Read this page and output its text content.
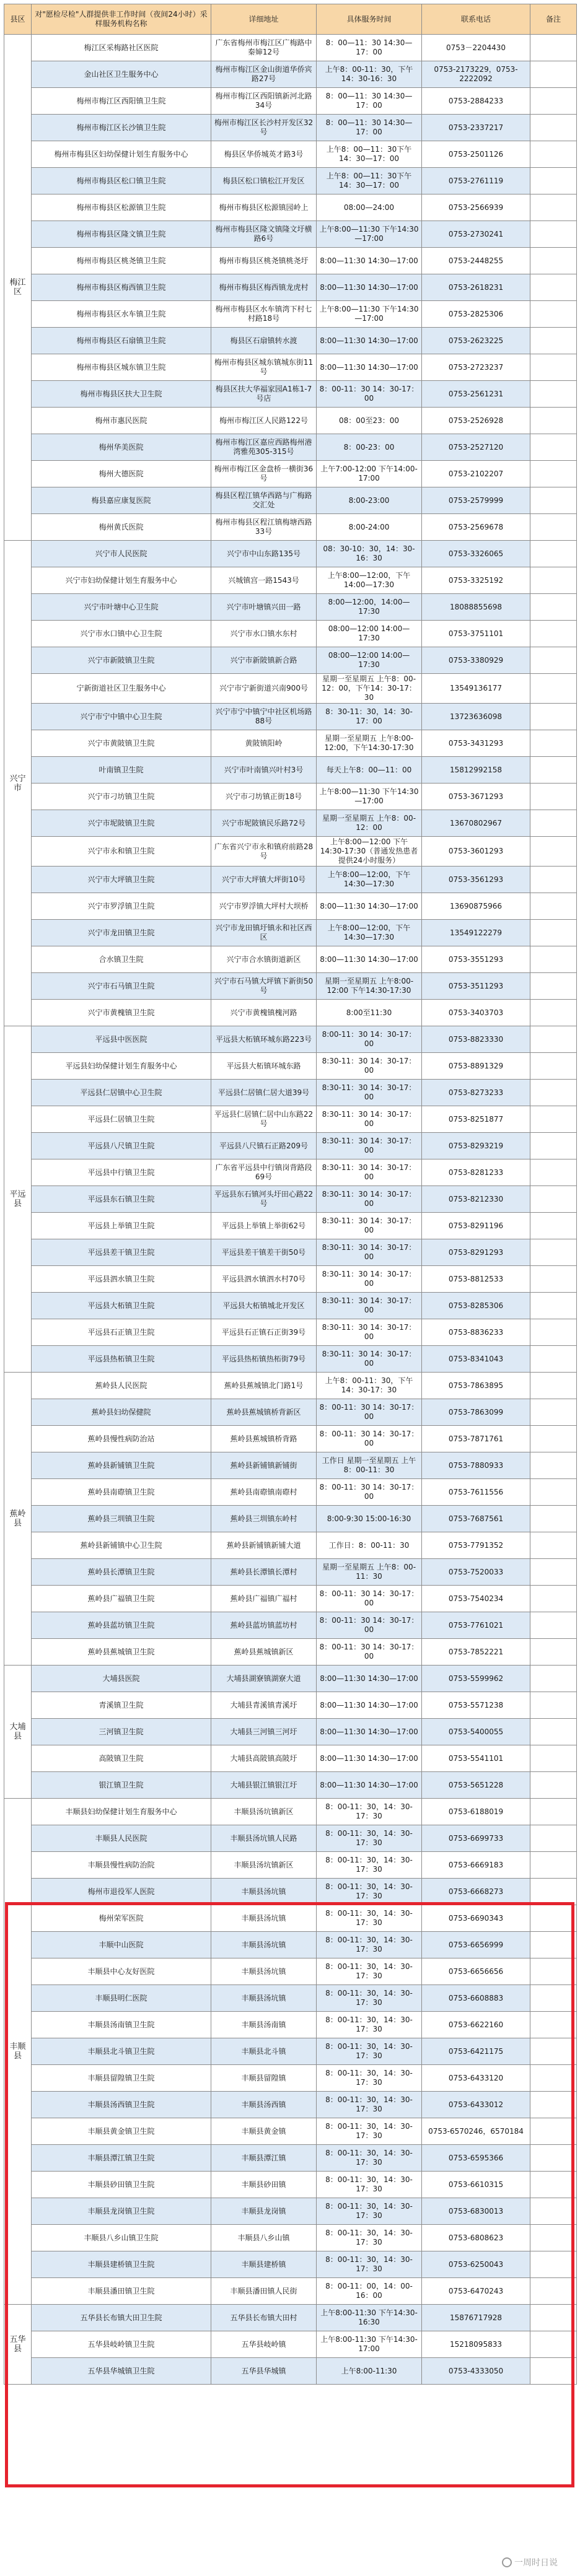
县区	对"愿检尽检"人群提供非工作时间（夜间24小时）采样服务机构名称	详细地址	具体服务时间	联系电话	备注
梅江区	梅江区采梅路社区医院	广东省梅州市梅江区广梅路中秦婶12号	8：00—11：30 14:30—17：00	0753－2204430	
	金山社区卫生服务中心	梅州市梅江区金山街道华侨宾路27号	上午8：00-11：30，下午14：30-16：30	0753-2173229，0753-2222092	
	梅州市梅江区西阳镇卫生院	梅州市梅江区西阳镇新河北路34号	8：00—11：30 14:30—17：00	0753-2884233	
	梅州市梅江区长沙镇卫生院	梅州市梅江区长沙村开发区32号	8：00—11：30 14:30—17：00	0753-2337217	
	梅州市梅县区妇幼保健计划生育服务中心	梅县区华侨城英才路3号	上午8：00—11：30下午14：30—17：00	0753-2501126	
	梅州市梅县区松口镇卫生院	梅县区松口镇松江开发区	上午8：00—11：30下午14：30—17：00	0753-2761119	
	梅州市梅县区松源镇卫生院	梅州市梅县区松源镇园岭上	08:00—24:00	0753-2566939	
	梅州市梅县区隆文镇卫生院	梅州市梅县区隆文镇隆文圩横路6号	上午8:00—11:30 下午14:30—17:00	0753-2730241	
	梅州市梅县区桃尧镇卫生院	梅州市梅县区桃尧镇桃尧圩	8:00—11:30 14:30—17:00	0753-2448255	
	梅州市梅县区梅西镇卫生院	梅州市梅县区梅西镇龙虎村	8:00—11:30 14:30—17:00	0753-2618231	
	梅州市梅县区水车镇卫生院	梅州市梅县区水车镇湾下村七村路18号	上午8:00—11:30 下午14:30—17:00	0753-2825306	
	梅州市梅县区石扇镇卫生院	梅县区石扇镇转水渡	8:00—11:30 14:30—17:00	0753-2623225	
	梅州市梅县区城东镇卫生院	梅州市梅县区城东镇城东街11号	8:00—11:30 14:30—17:00	0753-2723237	
	梅州市梅县区扶大卫生院	梅县区扶大华福家园A1栋1-7号店	8：00-11：30 14：30-17：00	0753-2561231	
	梅州市惠民医院	梅州市梅江区人民路122号	08：00至23：00	0753-2526928	
	梅州华美医院	梅州市梅江区嘉应西路梅州港湾雅苑305-315号	8：00-23：00	0753-2527120	
	梅州大德医院	梅州市梅江区金盘桥一横街36号	上午7:00-12:00 下午14:00-17:00	0753-2102207	
	梅县嘉应康复医院	梅县区程江镇华西路与广梅路交汇处	8:00-23:00	0753-2579999	
	梅州黄氏医院	梅州市梅县区程江镇梅塘西路33号	8:00-24:00	0753-2569678	
兴宁市	兴宁市人民医院	兴宁市中山东路135号	08：30-10：30，14：30-16：30	0753-3326065	
	兴宁市妇幼保健计划生育服务中心	兴城镇宫一路1543号	上午8:00—12:00，下午14:00—17:30	0753-3325192	
	兴宁市叶塘中心卫生院	兴宁市叶塘镇兴田一路	8:00—12:00，14:00—17:30	18088855698	
	兴宁市水口镇中心卫生院	兴宁市水口镇水东村	08:00—12:00 14:00—17:30	0753-3751101	
	兴宁市新陂镇卫生院	兴宁市新陂镇新合路	08:00—12:00 14:00—17:30	0753-3380929	
	宁新街道社区卫生服务中心	兴宁市宁新街道兴南900号	星期一至星期五 上午8：00-12：00，下午14：30-17：30	13549136177	
	兴宁市宁中镇中心卫生院	兴宁市宁中镇宁中社区机场路88号	8：30-11：30，14：30-17：00	13723636098	
	兴宁市黄陂镇卫生院	黄陂镇阳岭	星期一至星期五 上午8:00-12:00，下午14:30-17:30	0753-3431293	
	叶南镇卫生院	兴宁市叶南镇兴叶村3号	每天上午8：00—11：00	15812992158	
	兴宁市刁坊镇卫生院	兴宁市刁坊镇正街18号	上午8:00—11:30 下午14:30—17:00	0753-3671293	
	兴宁市坭陂镇卫生院	兴宁市坭陂镇民乐路72号	星期一至星期五 上午8：00-12：00	13670802967	
	兴宁市永和镇卫生院	广东省兴宁市永和镇府前路28号	上午8:00—12:00 下午14:30-17:30（普通发热患者提供24小时服务）	0753-3601293	
	兴宁市大坪镇卫生院	兴宁市大坪镇大坪街10号	上午8:00—12:00，下午14:30—17:30	0753-3561293	
	兴宁市罗浮镇卫生院	兴宁市罗浮镇大坪村大坝桥	8:00—11:30 14:30—17:00	13690875966	
	兴宁市龙田镇卫生院	兴宁市龙田镇圩镇永和社区西区	上午8:00—12:00，下午14:30—17:30	13549122279	
	合水镇卫生院	兴宁市合水镇街道新区	8:00—11:30 14:30—17:00	0753-3551293	
	兴宁市石马镇卫生院	兴宁市石马镇大坪镇下新街50号	星期一至星期五 上午8:00-12:00 下午14:30-17:30	0753-3511293	
	兴宁市黄槐镇卫生院	兴宁市黄槐镇槐河路	8:00至11:30	0753-3403703	
平远县	平远县中医医院	平远县大柘镇环城东路223号	8:00-11：30 14：30-17：00	0753-8823330	
	平远县妇幼保健计划生育服务中心	平远县大柘镇环城东路	8:30-11：30 14：30-17：00	0753-8891329	
	平远县仁居镇中心卫生院	平远县仁居镇仁居大道39号	8:30-11：30 14：30-17：00	0753-8273233	
	平远县仁居镇卫生院	平远县仁居镇仁居中山东路22号	8:30-11：30 14：30-17：00	0753-8251877	
	平远县八尺镇卫生院	平远县八尺镇石正路209号	8:30-11：30 14：30-17：00	0753-8293219	
	平远县中行镇卫生院	广东省平远县中行镇岗背路段69号	8:30-11：30 14：30-17：00	0753-8281233	
	平远县东石镇卫生院	平远县东石镇河头圩田心路22号	8:30-11：30 14：30-17：00	0753-8212330	
	平远县上举镇卫生院	平远县上举镇上举街62号	8:30-11：30 14：30-17：00	0753-8291196	
	平远县差干镇卫生院	平远县差干镇差干街50号	8:30-11：30 14：30-17：00	0753-8291293	
	平远县泗水镇卫生院	平远县泗水镇泗水村70号	8:30-11：30 14：30-17：00	0753-8812533	
	平远县大柘镇卫生院	平远县大柘镇城北开发区	8:30-11：30 14：30-17：00	0753-8285306	
	平远县石正镇卫生院	平远县石正镇石正街39号	8:30-11：30 14：30-17：00	0753-8836233	
	平远县热柘镇卫生院	平远县热柘镇热柘街79号	8:30-11：30 14：30-17：00	0753-8341043	
蕉岭县	蕉岭县人民医院	蕉岭县蕉城镇北门路1号	上午8：00-11：30，下午14：30-17：30	0753-7863895	
	蕉岭县妇幼保健院	蕉岭县蕉城镇桥背新区	8：00-11：30 14：30-17：00	0753-7863099	
	蕉岭县慢性病防治站	蕉岭县蕉城镇桥背路	8：00-11：30 14：30-17：00	0753-7871761	
	蕉岭县新铺镇卫生院	蕉岭县新铺镇新铺街	工作日 星期一至星期五 上午8：00-11：30	0753-7880933	
	蕉岭县南磜镇卫生院	蕉岭县南磜镇南磜村	8：00-11：30 14：30-17：00	0753-7611556	
	蕉岭县三圳镇卫生院	蕉岭县三圳镇东岭村	8:00-9:30 15:00-16:30	0753-7687561	
	蕉岭县新铺镇中心卫生院	蕉岭县新铺镇新铺大道	工作日：8：00-11：30	0753-7791352	
	蕉岭县长潭镇卫生院	蕉岭县长潭镇长潭村	星期一至星期五 上午8：00-11：30	0753-7520033	
	蕉岭县广福镇卫生院	蕉岭县广福镇广福村	8：00-11：30 14：30-17：00	0753-7540234	
	蕉岭县蓝坊镇卫生院	蕉岭县蓝坊镇蓝坊村	8：00-11：30 14：30-17：00	0753-7761021	
	蕉岭县蕉城镇卫生院	蕉岭县蕉城镇新区	8：00-11：30 14：30-17：00	0753-7852221	
大埔县	大埔县医院	大埔县湖寮镇湖寮大道	8:00—11:30 14:30—17:00	0753-5599962	
	青溪镇卫生院	大埔县青溪镇青溪圩	8:00—11:30 14:30—17:00	0753-5571238	
	三河镇卫生院	大埔县三河镇三河圩	8:00—11:30 14:30—17:00	0753-5400055	
	高陂镇卫生院	大埔县高陂镇高陂圩	8:00—11:30 14:30—17:00	0753-5541101	
	银江镇卫生院	大埔县银江镇银江圩	8:00—11:30 14:30—17:00	0753-5651228	
丰顺县	丰顺县妇幼保健计划生育服务中心	丰顺县汤坑镇新区	8：00-11：30，14：30-17：30	0753-6188019	
	丰顺县人民医院	丰顺县汤坑镇人民路	8：00-11：30，14：30-17：30	0753-6699733	
	丰顺县慢性病防治院	丰顺县汤坑镇新区	8：00-11：30，14：30-17：30	0753-6669183	
	梅州市退役军人医院	丰顺县汤坑镇	8：00-11：30，14：30-17：30	0753-6668273	
	梅州荣军医院	丰顺县汤坑镇	8：00-11：30，14：30-17：30	0753-6690343	
	丰顺中山医院	丰顺县汤坑镇	8：00-11：30，14：30-17：30	0753-6656999	
	丰顺县中心友好医院	丰顺县汤坑镇	8：00-11：30，14：30-17：30	0753-6656656	
	丰顺县明仁医院	丰顺县汤坑镇	8：00-11：30，14：30-17：30	0753-6608883	
	丰顺县汤南镇卫生院	丰顺县汤南镇	8：00-11：30，14：30-17：30	0753-6622160	
	丰顺县北斗镇卫生院	丰顺县北斗镇	8：00-11：30，14：30-17：30	0753-6421175	
	丰顺县留隍镇卫生院	丰顺县留隍镇	8：00-11：30，14：30-17：30	0753-6433120	
	丰顺县汤西镇卫生院	丰顺县汤西镇	8：00-11：30，14：30-17：30	0753-6433012	
	丰顺县黄金镇卫生院	丰顺县黄金镇	8：00-11：30，14：30-17：30	0753-6570246，6570184	
	丰顺县潭江镇卫生院	丰顺县潭江镇	8：00-11：30，14：30-17：30	0753-6595366	
	丰顺县砂田镇卫生院	丰顺县砂田镇	8：00-11：30，14：30-17：30	0753-6610315	
	丰顺县龙岗镇卫生院	丰顺县龙岗镇	8：00-11：30，14：30-17：30	0753-6830013	
	丰顺县八乡山镇卫生院	丰顺县八乡山镇	8：00-11：30，14：30-17：30	0753-6808623	
	丰顺县建桥镇卫生院	丰顺县建桥镇	8：00-11：30，14：30-17：30	0753-6250043	
	丰顺县潘田镇卫生院	丰顺县潘田镇人民街	8：00-11：00，14：00-16：00	0753-6470243	
五华县	五华县长布镇大田卫生院	五华县长布镇大田村	上午8:00-11:30 下午14:30-16:30	15876717928	
	五华县岐岭镇卫生院	五华县岐岭镇	上午8:00-11:30 下午14:30-17:00	15218095833	
	五华县华城镇卫生院	五华县华城镇	上午8:00-11:30	0753-4333050	
一周时日说
